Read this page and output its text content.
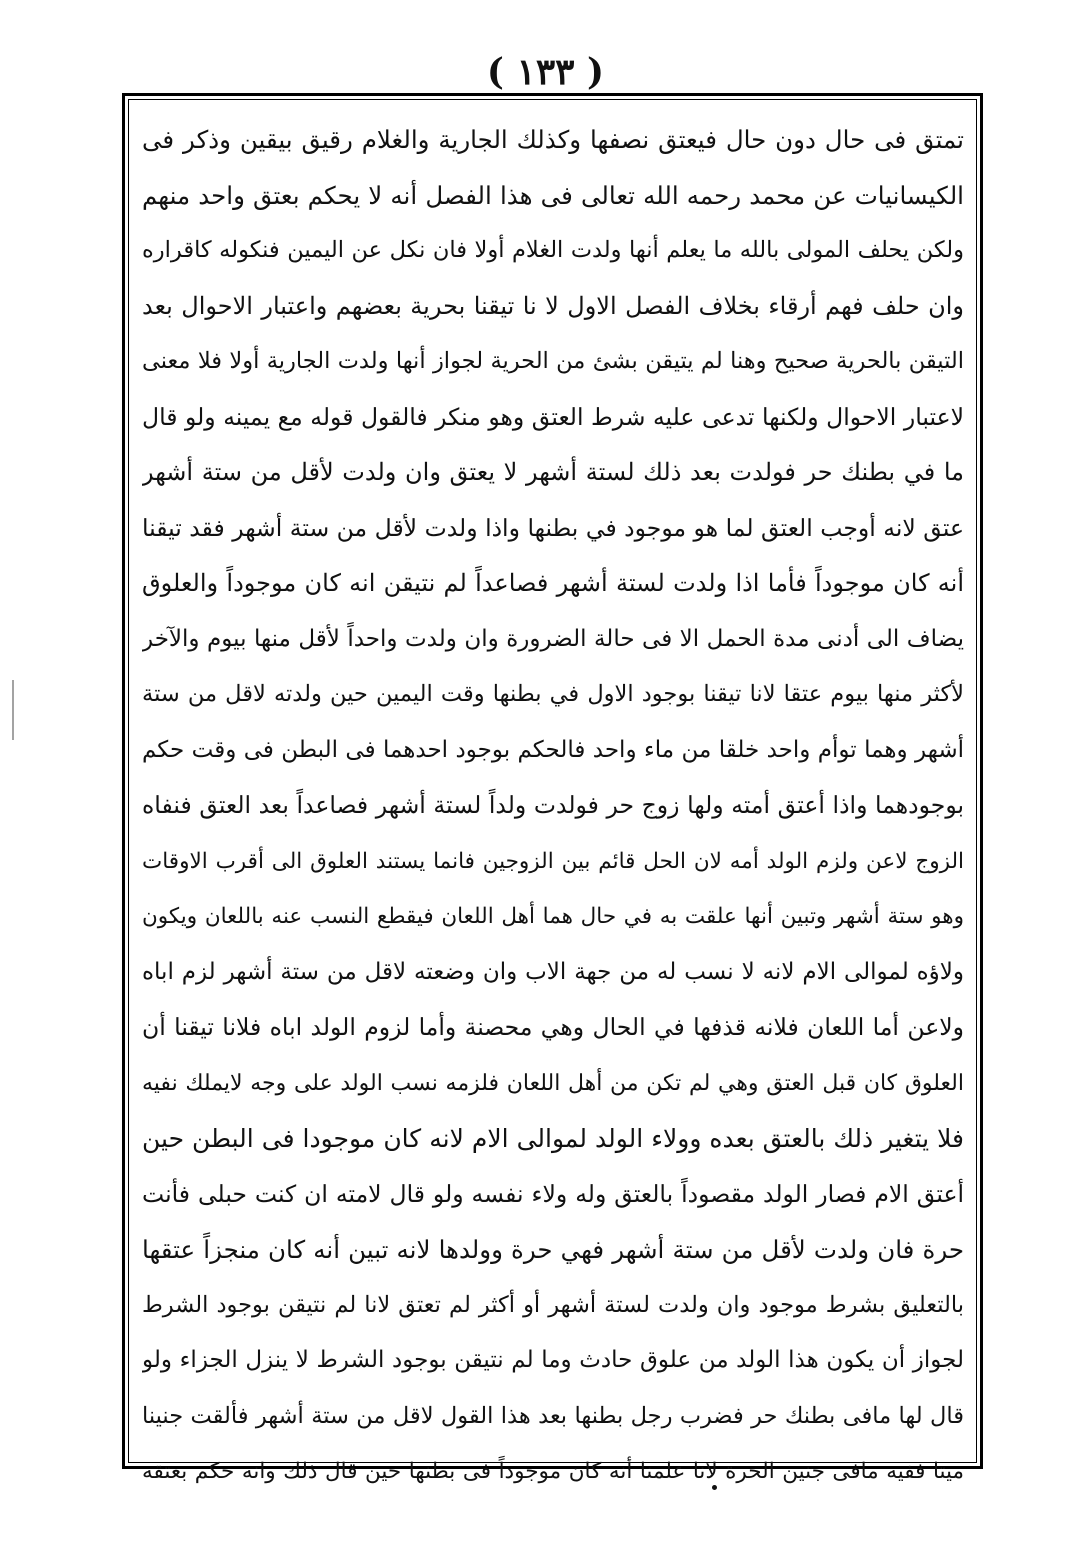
( ١٣٣ )
تمتق فى حال دون حال فيعتق نصفها وكذلك الجارية والغلام رقيق بيقين وذكر فى
الكيسانيات عن محمد رحمه الله تعالى فى هذا الفصل أنه لا يحكم بعتق واحد منهم
ولكن يحلف المولى بالله ما يعلم أنها ولدت الغلام أولا فان نكل عن اليمين فنكوله كاقراره
وان حلف فهم أرقاء بخلاف الفصل الاول لا نا تيقنا بحرية بعضهم واعتبار الاحوال بعد
التيقن بالحرية صحيح وهنا لم يتيقن بشئ من الحرية لجواز أنها ولدت الجارية أولا فلا معنى
لاعتبار الاحوال ولكنها تدعى عليه شرط العتق وهو منكر فالقول قوله مع يمينه ولو قال
ما في بطنك حر فولدت بعد ذلك لستة أشهر لا يعتق وان ولدت لأقل من ستة أشهر
عتق لانه أوجب العتق لما هو موجود في بطنها واذا ولدت لأقل من ستة أشهر فقد تيقنا
أنه كان موجوداً فأما اذا ولدت لستة أشهر فصاعداً لم نتيقن انه كان موجوداً والعلوق
يضاف الى أدنى مدة الحمل الا فى حالة الضرورة وان ولدت واحداً لأقل منها بيوم والآخر
لأكثر منها بيوم عتقا لانا تيقنا بوجود الاول في بطنها وقت اليمين حين ولدته لاقل من ستة
أشهر وهما توأم واحد خلقا من ماء واحد فالحكم بوجود احدهما فى البطن فى وقت حكم
بوجودهما واذا أعتق أمته ولها زوج حر فولدت ولداً لستة أشهر فصاعداً بعد العتق فنفاه
الزوج لاعن ولزم الولد أمه لان الحل قائم بين الزوجين فانما يستند العلوق الى أقرب الاوقات
وهو ستة أشهر وتبين أنها علقت به في حال هما أهل اللعان فيقطع النسب عنه باللعان ويكون
ولاؤه لموالى الام لانه لا نسب له من جهة الاب وان وضعته لاقل من ستة أشهر لزم اباه
ولاعن أما اللعان فلانه قذفها في الحال وهي محصنة وأما لزوم الولد اباه فلانا تيقنا أن
العلوق كان قبل العتق وهي لم تكن من أهل اللعان فلزمه نسب الولد على وجه لايملك نفيه
فلا يتغير ذلك بالعتق بعده وولاء الولد لموالى الام لانه كان موجودا فى البطن حين
أعتق الام فصار الولد مقصوداً بالعتق وله ولاء نفسه ولو قال لامته ان كنت حبلى فأنت
حرة فان ولدت لأقل من ستة أشهر فهي حرة وولدها لانه تبين أنه كان منجزاً عتقها
بالتعليق بشرط موجود وان ولدت لستة أشهر أو أكثر لم تعتق لانا لم نتيقن بوجود الشرط
لجواز أن يكون هذا الولد من علوق حادث وما لم نتيقن بوجود الشرط لا ينزل الجزاء ولو
قال لها مافى بطنك حر فضرب رجل بطنها بعد هذا القول لاقل من ستة أشهر فألقت جنينا
ميتا ففيه مافى جنين الحرة لانا علمنا أنه كان موجوداً فى بطنها حين قال ذلك وانه حكم بعتقه
